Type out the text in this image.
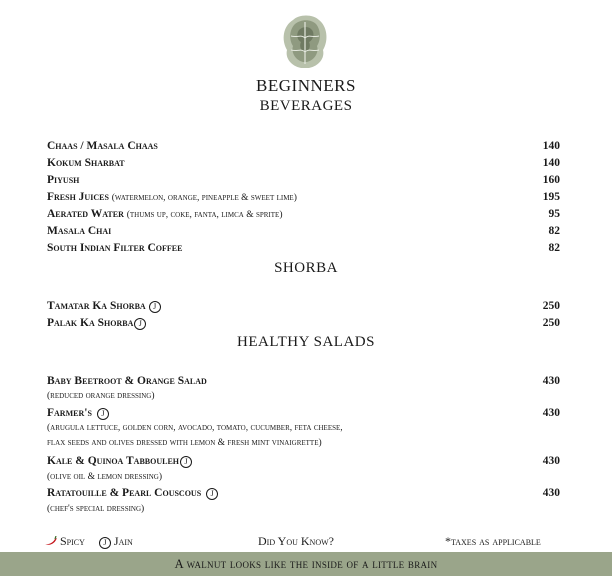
BEGINNERS
BEVERAGES
Chaas / Masala Chaas	140
Kokum Sharbat	140
Piyush	160
Fresh Juices (watermelon, orange, pineapple & sweet lime)	195
Aerated Water (thums up, coke, fanta, limca & sprite)	95
Masala Chai	82
South Indian Filter Coffee	82
SHORBA
Tamatar Ka Shorba J	250
Palak Ka Shorba J	250
HEALTHY SALADS
Baby Beetroot & Orange Salad	430
(reduced orange dressing)
Farmer's J	430
(arugula lettuce, golden corn, avocado, tomato, cucumber, feta cheese,
flax seeds and olives dressed with lemon & fresh mint vinaigrette)
Kale & Quinoa Tabbouleh J	430
(olive oil & lemon dressing)
Ratatouille & Pearl Couscous J	430
(chef's special dressing)
Spicy J Jain	Did You Know?	*taxes as applicable
A walnut looks like the inside of a little brain
